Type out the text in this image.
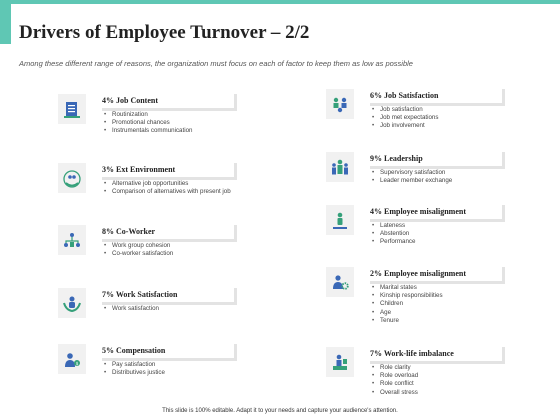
Drivers of Employee Turnover – 2/2
Among these different range of reasons, the organization must focus on each of factor to keep them as low as possible
4% Job Content
• Routinization
• Promotional chances
• Instrumentals communication
3% Ext Environment
• Alternative job opportunities
• Comparison of alternatives with present job
8% Co-Worker
• Work group cohesion
• Co-worker satisfaction
7% Work Satisfaction
• Work satisfaction
$
5% Compensation
• Pay satisfaction
• Distributives justice
6% Job Satisfaction
• Job satisfaction
• Job met expectations
• Job involvement
9% Leadership
• Supervisory satisfaction
• Leader member exchange
4% Employee misalignment
• Lateness
• Abstention
• Performance
2% Employee misalignment
• Marital states
• Kinship responsibilities
• Children
• Age
• Tenure
7% Work-life imbalance
• Role clarity
• Role overload
• Role conflict
• Overall stress
This slide is 100% editable. Adapt it to your needs and capture your audience's attention.
